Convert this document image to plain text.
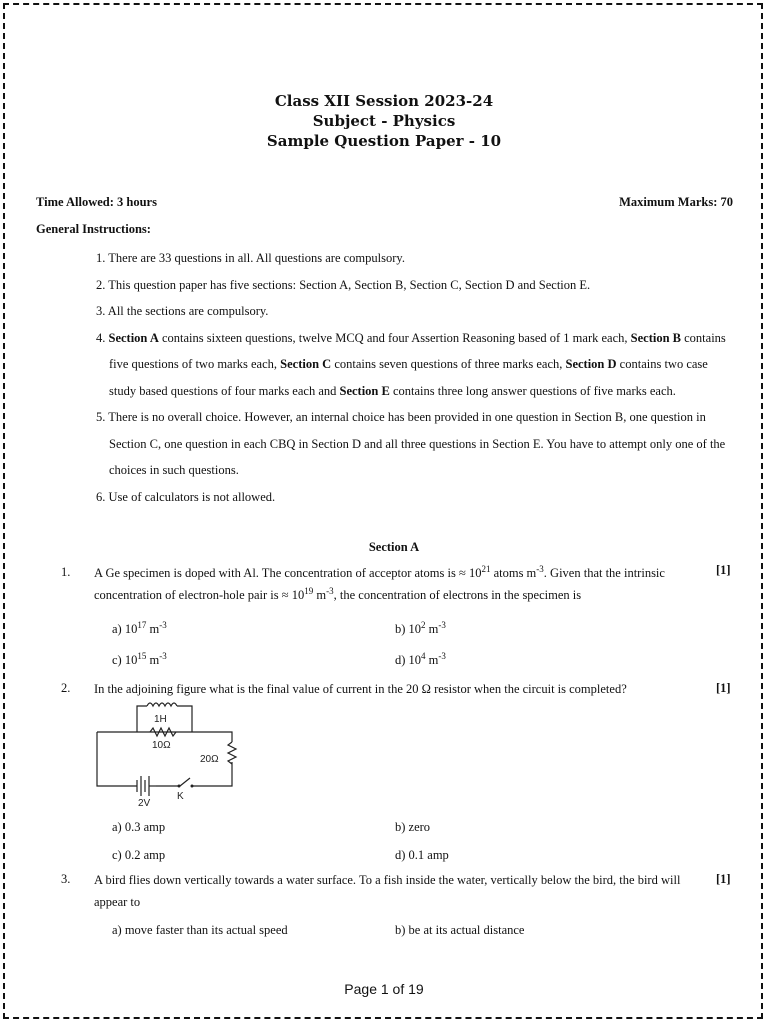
Class XII Session 2023-24
Subject - Physics
Sample Question Paper - 10
Time Allowed: 3 hours	Maximum Marks: 70
General Instructions:

1. There are 33 questions in all. All questions are compulsory.

2. This question paper has five sections: Section A, Section B, Section C, Section D and Section E.

3. All the sections are compulsory.

4. Section A contains sixteen questions, twelve MCQ and four Assertion Reasoning based of 1 mark each, Section B contains five questions of two marks each, Section C contains seven questions of three marks each, Section D contains two case study based questions of four marks each and Section E contains three long answer questions of five marks each.

5. There is no overall choice. However, an internal choice has been provided in one question in Section B, one question in Section C, one question in each CBQ in Section D and all three questions in Section E. You have to attempt only one of the choices in such questions.

6. Use of calculators is not allowed.

Section A
1. A Ge specimen is doped with Al. The concentration of acceptor atoms is ≈ $10^{21}$ atoms $m^{-3}$. Given that the intrinsic concentration of electron-hole pair is ≈ $10^{19}$ $m^{-3}$, the concentration of electrons in the specimen is
[1]
a) $10^{17}$ $m^{-3}$	b) $10^2$ $m^{-3}$
c) $10^{15}$ $m^{-3}$	d) $10^4$ $m^{-3}$
2. In the adjoining figure what is the final value of current in the 20 Ω resistor when the circuit is completed?	[1]
1H
10Ω
20Ω
2V
K
a) 0.3 amp	b) zero
c) 0.2 amp	d) 0.1 amp
3. A bird flies down vertically towards a water surface. To a fish inside the water, vertically below the bird, the bird will appear to
[1]
a) move faster than its actual speed	b) be at its actual distance
Page 1 of 19
